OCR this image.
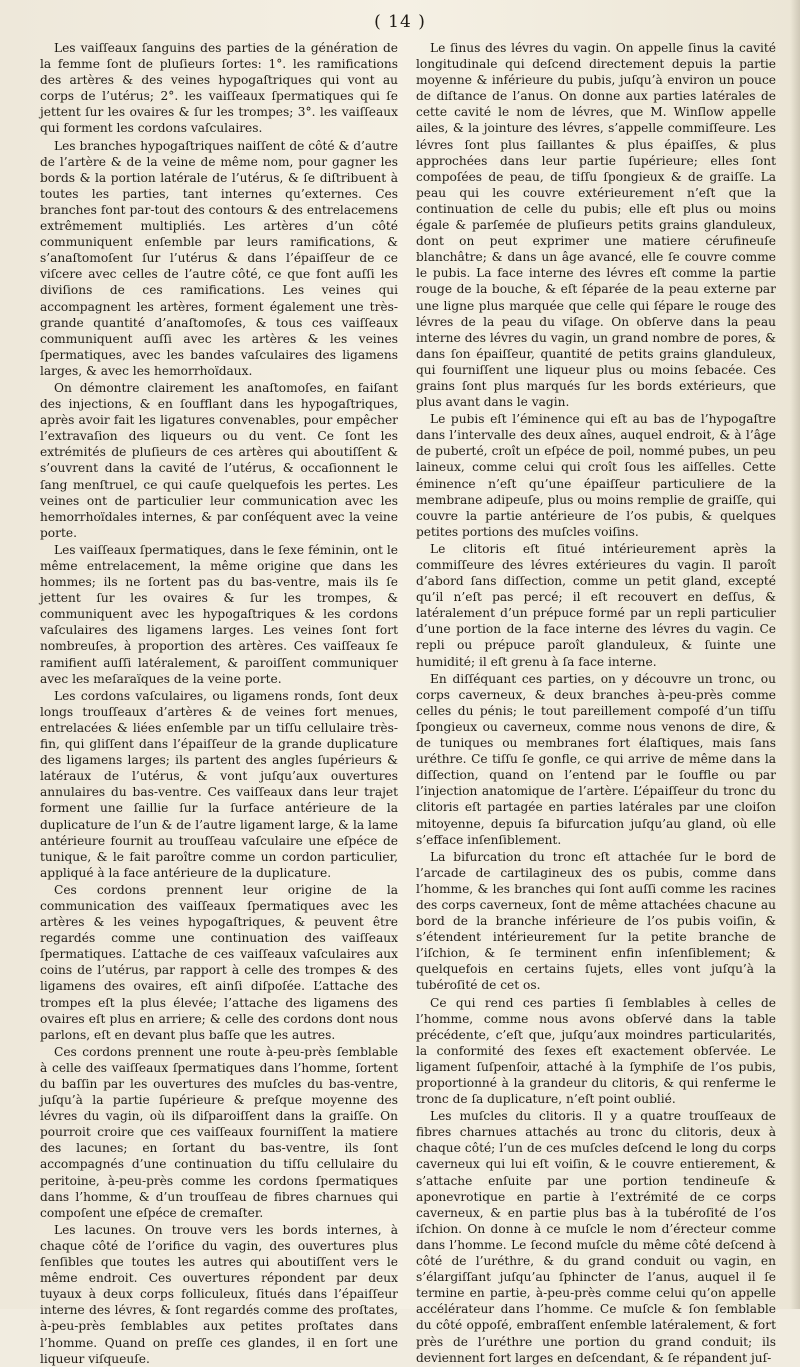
( 14 )

Les vaiſſeaux ſanguins des parties de la génération de la femme ſont de pluſieurs ſortes: 1°. les ramifications des artères & des veines hypogaſtriques qui vont au corps de l’utérus; 2°. les vaiſſeaux ſpermatiques qui ſe jettent ſur les ovaires & ſur les trompes; 3°. les vaiſſeaux qui forment les cordons vaſculaires.

Les branches hypogaſtriques naiſſent de côté & d’autre de l’artère & de la veine de même nom, pour gagner les bords & la portion latérale de l’utérus, & ſe diſtribuent à toutes les parties, tant internes qu’externes. Ces branches font par-tout des contours & des entrelacemens extrêmement multipliés. Les artères d’un côté communiquent enſemble par leurs ramifications, & s’anaſtomoſent ſur l’utérus & dans l’épaiſſeur de ce viſcere avec celles de l’autre côté, ce que font auſſi les diviſions de ces ramifications. Les veines qui accompagnent les artères, forment également une très-grande quantité d’anaſtomoſes, & tous ces vaiſſeaux communiquent auſſi avec les artères & les veines ſpermatiques, avec les bandes vaſculaires des ligamens larges, & avec les hemorrhoïdaux.

On démontre clairement les anaſtomoſes, en faiſant des injections, & en ſoufflant dans les hypogaſtriques, après avoir fait les ligatures convenables, pour empêcher l’extravaſion des liqueurs ou du vent. Ce ſont les extrémités de pluſieurs de ces artères qui aboutiſſent & s’ouvrent dans la cavité de l’utérus, & occaſionnent le ſang menſtruel, ce qui cauſe quelquefois les pertes. Les veines ont de particulier leur communication avec les hemorrhoïdales internes, & par conſéquent avec la veine porte.

Les vaiſſeaux ſpermatiques, dans le ſexe féminin, ont le même entrelacement, la même origine que dans les hommes; ils ne ſortent pas du bas-ventre, mais ils ſe jettent ſur les ovaires & ſur les trompes, & communiquent avec les hypogaſtriques & les cordons vaſculaires des ligamens larges. Les veines ſont fort nombreuſes, à proportion des artères. Ces vaiſſeaux ſe ramifient auſſi latéralement, & paroiſſent communiquer avec les meſaraïques de la veine porte.

Les cordons vaſculaires, ou ligamens ronds, ſont deux longs trouſſeaux d’artères & de veines fort menues, entrelacées & liées enſemble par un tiſſu cellulaire très-fin, qui gliſſent dans l’épaiſſeur de la grande duplicature des ligamens larges; ils partent des angles ſupérieurs & latéraux de l’utérus, & vont juſqu’aux ouvertures annulaires du bas-ventre. Ces vaiſſeaux dans leur trajet forment une ſaillie ſur la ſurface antérieure de la duplicature de l’un & de l’autre ligament large, & la lame antérieure fournit au trouſſeau vaſculaire une eſpéce de tunique, & le fait paroître comme un cordon particulier, appliqué à la face antérieure de la duplicature.

Ces cordons prennent leur origine de la communication des vaiſſeaux ſpermatiques avec les artères & les veines hypogaſtriques, & peuvent être regardés comme une continuation des vaiſſeaux ſpermatiques. L’attache de ces vaiſſeaux vaſculaires aux coins de l’utérus, par rapport à celle des trompes & des ligamens des ovaires, eſt ainſi diſpoſée. L’attache des trompes eſt la plus élevée; l’attache des ligamens des ovaires eſt plus en arriere; & celle des cordons dont nous parlons, eſt en devant plus baſſe que les autres.

Ces cordons prennent une route à-peu-près ſemblable à celle des vaiſſeaux ſpermatiques dans l’homme, ſortent du baſſin par les ouvertures des muſcles du bas-ventre, juſqu’à la partie ſupérieure & preſque moyenne des lévres du vagin, où ils diſparoiſſent dans la graiſſe. On pourroit croire que ces vaiſſeaux fourniſſent la matiere des lacunes; en ſortant du bas-ventre, ils ſont accompagnés d’une continuation du tiſſu cellulaire du peritoine, à-peu-près comme les cordons ſpermatiques dans l’homme, & d’un trouſſeau de fibres charnues qui compoſent une eſpéce de cremaſter.

Les lacunes. On trouve vers les bords internes, à chaque côté de l’orifice du vagin, des ouvertures plus ſenſibles que toutes les autres qui aboutiſſent vers le même endroit. Ces ouvertures répondent par deux tuyaux à deux corps folliculeux, ſitués dans l’épaiſſeur interne des lévres, & ſont regardés comme des proſtates, à-peu-près ſemblables aux petites proſtates dans l’homme. Quand on preſſe ces glandes, il en ſort une liqueur viſqueuſe.

Le ſinus des lévres du vagin. On appelle ſinus la cavité longitudinale qui deſcend directement depuis la partie moyenne & inférieure du pubis, juſqu’à environ un pouce de diſtance de l’anus. On donne aux parties latérales de cette cavité le nom de lévres, que M. Winſlow appelle ailes, & la jointure des lévres, s’appelle commiſſeure. Les lévres ſont plus ſaillantes & plus épaiſſes, & plus approchées dans leur partie ſupérieure; elles ſont compoſées de peau, de tiſſu ſpongieux & de graiſſe. La peau qui les couvre extérieurement n’eſt que la continuation de celle du pubis; elle eſt plus ou moins égale & parſemée de pluſieurs petits grains glanduleux, dont on peut exprimer une matiere cérufineuſe blanchâtre; & dans un âge avancé, elle ſe couvre comme le pubis. La face interne des lévres eſt comme la partie rouge de la bouche, & eſt ſéparée de la peau externe par une ligne plus marquée que celle qui ſépare le rouge des lévres de la peau du viſage. On obſerve dans la peau interne des lévres du vagin, un grand nombre de pores, & dans ſon épaiſſeur, quantité de petits grains glanduleux, qui fourniſſent une liqueur plus ou moins ſebacée. Ces grains ſont plus marqués ſur les bords extérieurs, que plus avant dans le vagin.

Le pubis eſt l’éminence qui eſt au bas de l’hypogaſtre dans l’intervalle des deux aînes, auquel endroit, & à l’âge de puberté, croît un eſpéce de poil, nommé pubes, un peu laineux, comme celui qui croît ſous les aiſſelles. Cette éminence n’eſt qu’une épaiſſeur particuliere de la membrane adipeuſe, plus ou moins remplie de graiſſe, qui couvre la partie antérieure de l’os pubis, & quelques petites portions des muſcles voiſins.

Le clitoris eſt ſitué intérieurement après la commiſſeure des lévres extérieures du vagin. Il paroît d’abord ſans diſſection, comme un petit gland, excepté qu’il n’eſt pas percé; il eſt recouvert en deſſus, & latéralement d’un prépuce formé par un repli particulier d’une portion de la face interne des lévres du vagin. Ce repli ou prépuce paroît glanduleux, & ſuinte une humidité; il eſt grenu à ſa face interne.

En diſſéquant ces parties, on y découvre un tronc, ou corps caverneux, & deux branches à-peu-près comme celles du pénis; le tout pareillement compoſé d’un tiſſu ſpongieux ou caverneux, comme nous venons de dire, & de tuniques ou membranes fort élaſtiques, mais ſans uréthre. Ce tiſſu ſe gonfle, ce qui arrive de même dans la diſſection, quand on l’entend par le ſouffle ou par l’injection anatomique de l’artère. L’épaiſſeur du tronc du clitoris eſt partagée en parties latérales par une cloiſon mitoyenne, depuis ſa bifurcation juſqu’au gland, où elle s’efface inſenſiblement.

La bifurcation du tronc eſt attachée ſur le bord de l’arcade de cartilagineux des os pubis, comme dans l’homme, & les branches qui ſont auſſi comme les racines des corps caverneux, ſont de même attachées chacune au bord de la branche inférieure de l’os pubis voiſin, & s’étendent intérieurement ſur la petite branche de l’iſchion, & ſe terminent enfin inſenſiblement; & quelquefois en certains ſujets, elles vont juſqu’à la tubéroſité de cet os.

Ce qui rend ces parties ſi ſemblables à celles de l’homme, comme nous avons obſervé dans la table précédente, c’eſt que, juſqu’aux moindres particularités, la conformité des ſexes eſt exactement obſervée. Le ligament ſuſpenſoir, attaché à la ſymphiſe de l’os pubis, proportionné à la grandeur du clitoris, & qui renferme le tronc de ſa duplicature, n’eſt point oublié.

Les muſcles du clitoris. Il y a quatre trouſſeaux de fibres charnues attachés au tronc du clitoris, deux à chaque côté; l’un de ces muſcles deſcend le long du corps caverneux qui lui eſt voiſin, & le couvre entierement, & s’attache enſuite par une portion tendineuſe & aponevrotique en partie à l’extrémité de ce corps caverneux, & en partie plus bas à la tubéroſité de l’os iſchion. On donne à ce muſcle le nom d’érecteur comme dans l’homme. Le ſecond muſcle du même côté deſcend à côté de l’uréthre, & du grand conduit ou vagin, en s’élargiſſant juſqu’au ſphincter de l’anus, auquel il ſe termine en partie, à-peu-près comme celui qu’on appelle accélérateur dans l’homme. Ce muſcle & ſon ſemblable du côté oppoſé, embraſſent enſemble latéralement, & fort près de l’uréthre une portion du grand conduit; ils deviennent fort larges en deſcendant, & ſe répandent juſ-
